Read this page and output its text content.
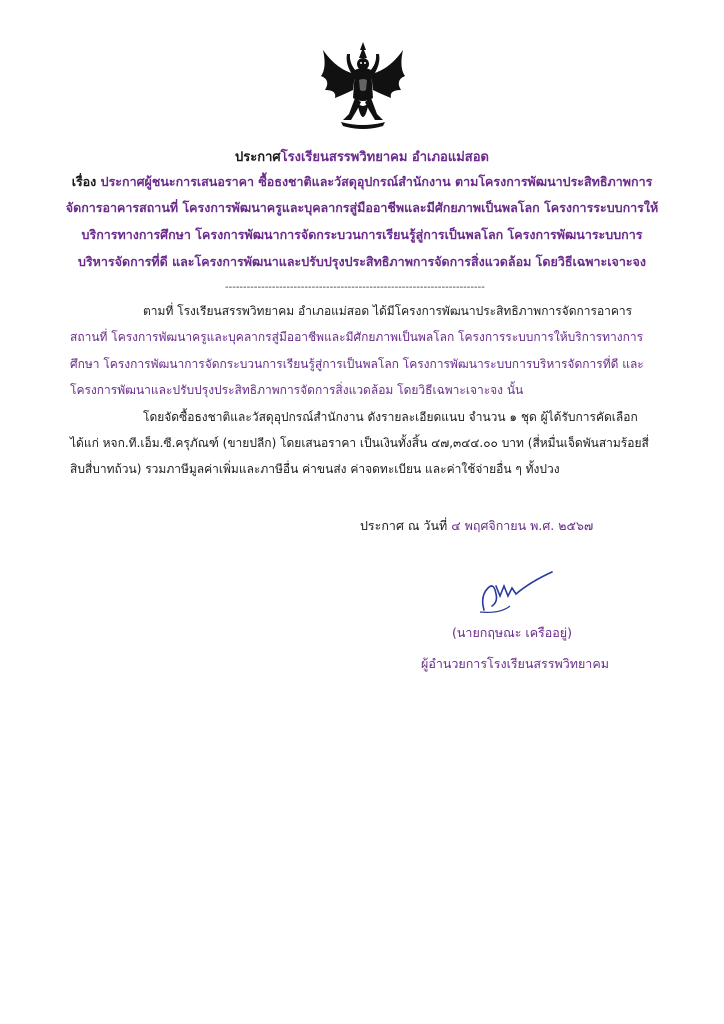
ประกาศโรงเรียนสรรพวิทยาคม อำเภอแม่สอด
เรื่อง ประกาศผู้ชนะการเสนอราคา ซื้อธงชาติและวัสดุอุปกรณ์สำนักงาน ตามโครงการพัฒนาประสิทธิภาพการ
จัดการอาคารสถานที่ โครงการพัฒนาครูและบุคลากรสู่มืออาชีพและมีศักยภาพเป็นพลโลก โครงการระบบการให้
บริการทางการศึกษา โครงการพัฒนาการจัดกระบวนการเรียนรู้สู่การเป็นพลโลก โครงการพัฒนาระบบการ
บริหารจัดการที่ดี และโครงการพัฒนาและปรับปรุงประสิทธิภาพการจัดการสิ่งแวดล้อม โดยวิธีเฉพาะเจาะจง
------------------------------------------------------------------------
ตามที่ โรงเรียนสรรพวิทยาคม อำเภอแม่สอด ได้มีโครงการพัฒนาประสิทธิภาพการจัดการอาคาร
สถานที่ โครงการพัฒนาครูและบุคลากรสู่มืออาชีพและมีศักยภาพเป็นพลโลก โครงการระบบการให้บริการทางการ
ศึกษา โครงการพัฒนาการจัดกระบวนการเรียนรู้สู่การเป็นพลโลก โครงการพัฒนาระบบการบริหารจัดการที่ดี และ
โครงการพัฒนาและปรับปรุงประสิทธิภาพการจัดการสิ่งแวดล้อม โดยวิธีเฉพาะเจาะจง นั้น
โดยจัดซื้อธงชาติและวัสดุอุปกรณ์สำนักงาน ดังรายละเอียดแนบ จำนวน ๑ ชุด ผู้ได้รับการคัดเลือก
ได้แก่ หจก.ที.เอ็ม.ซี.ครุภัณฑ์ (ขายปลีก) โดยเสนอราคา เป็นเงินทั้งสิ้น ๔๗,๓๔๔.๐๐ บาท (สี่หมื่นเจ็ดพันสามร้อยสี่
สิบสี่บาทถ้วน) รวมภาษีมูลค่าเพิ่มและภาษีอื่น ค่าขนส่ง ค่าจดทะเบียน และค่าใช้จ่ายอื่น ๆ ทั้งปวง
ประกาศ ณ วันที่ ๔ พฤศจิกายน พ.ศ. ๒๕๖๗
(นายกฤษณะ เครืออยู่)
ผู้อำนวยการโรงเรียนสรรพวิทยาคม
